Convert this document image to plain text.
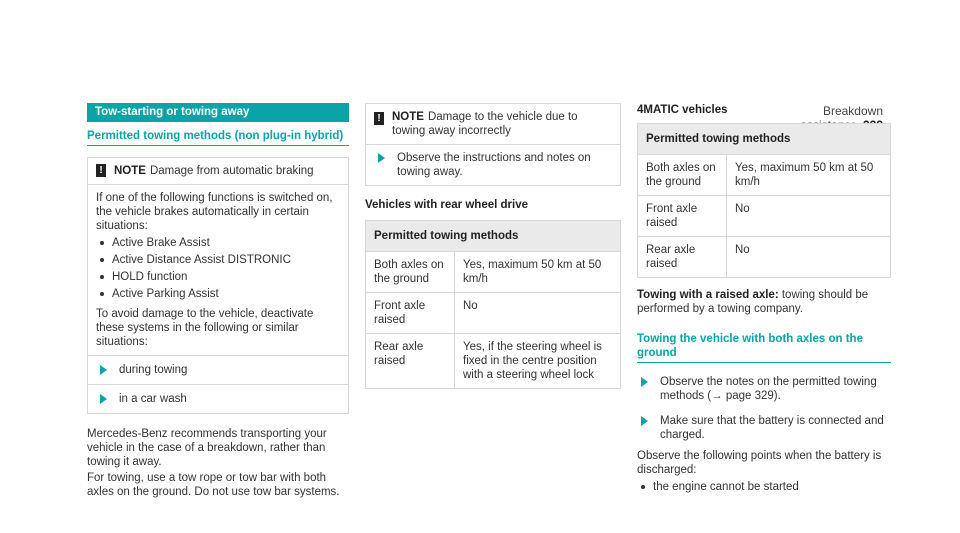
Breakdown
Tow-starting or towing away
Permitted towing methods (non plug-in hybrid)
! NOTE Damage from automatic braking

If one of the following functions is switched on, the vehicle brakes automatically in certain situations:

Active Brake Assist
Active Distance Assist DISTRONIC
HOLD function
Active Parking Assist

To avoid damage to the vehicle, deactivate these systems in the following or similar situations:

during towing
in a car wash

Mercedes-Benz recommends transporting your vehicle in the case of a breakdown, rather than towing it away.

For towing, use a tow rope or tow bar with both axles on the ground. Do not use tow bar systems.

! NOTE Damage to the vehicle due to towing away incorrectly
Observe the instructions and notes on towing away.
Vehicles with rear wheel drive
Permitted towing methods	
Both axles on the ground	Yes, maximum 50 km at 50 km/h
Front axle raised	No
Rear axle raised	Yes, if the steering wheel is fixed in the centre position with a steering wheel lock
4MATIC vehicles
Permitted towing methods	
Both axles on the ground	Yes, maximum 50 km at 50 km/h
Front axle raised	No
Rear axle raised	No

Towing with a raised axle: towing should be performed by a towing company.

Towing the vehicle with both axles on the ground
Observe the notes on the permitted towing methods (→ page 329).
Make sure that the battery is connected and charged.

Observe the following points when the battery is discharged:

the engine cannot be started
